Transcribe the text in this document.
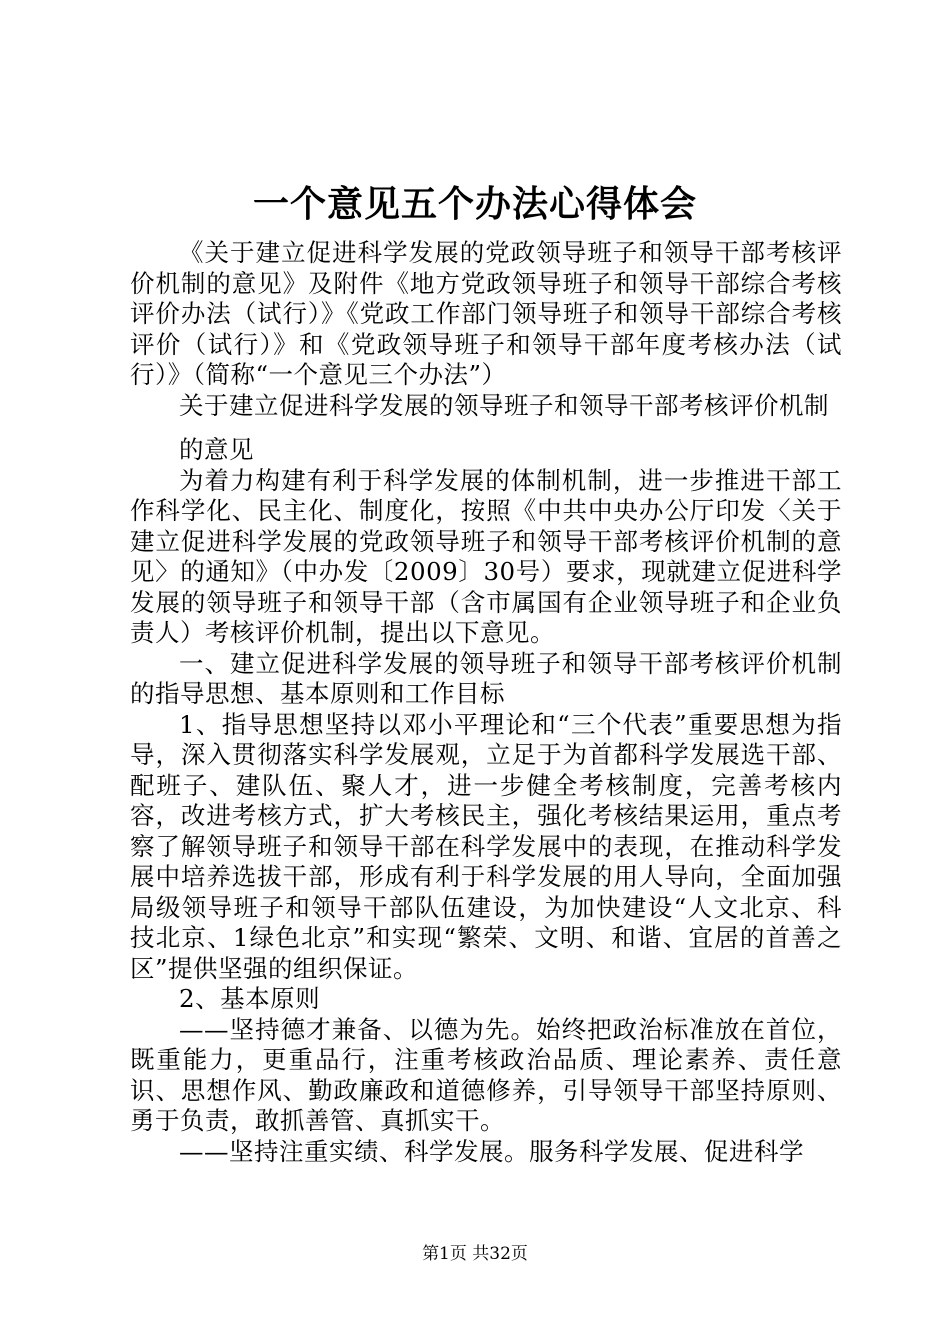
一个意见五个办法心得体会

《关于建立促进科学发展的党政领导班子和领导干部考核评价机制的意见》及附件《地方党政领导班子和领导干部综合考核评价办法（试行）》《党政工作部门领导班子和领导干部综合考核评价（试行）》和《党政领导班子和领导干部年度考核办法（试行）》（简称“一个意见三个办法”）

关于建立促进科学发展的领导班子和领导干部考核评价机制

的意见

为着力构建有利于科学发展的体制机制，进一步推进干部工作科学化、民主化、制度化，按照《中共中央办公厅印发〈关于建立促进科学发展的党政领导班子和领导干部考核评价机制的意见〉的通知》（中办发〔2009〕30号）要求，现就建立促进科学发展的领导班子和领导干部（含市属国有企业领导班子和企业负责人）考核评价机制，提出以下意见。

一、建立促进科学发展的领导班子和领导干部考核评价机制的指导思想、基本原则和工作目标

1、指导思想坚持以邓小平理论和“三个代表”重要思想为指导，深入贯彻落实科学发展观，立足于为首都科学发展选干部、配班子、建队伍、聚人才，进一步健全考核制度，完善考核内容，改进考核方式，扩大考核民主，强化考核结果运用，重点考察了解领导班子和领导干部在科学发展中的表现，在推动科学发展中培养选拔干部，形成有利于科学发展的用人导向，全面加强局级领导班子和领导干部队伍建设，为加快建设“人文北京、科技北京、1绿色北京”和实现“繁荣、文明、和谐、宜居的首善之区”提供坚强的组织保证。

2、基本原则

——坚持德才兼备、以德为先。始终把政治标准放在首位，既重能力，更重品行，注重考核政治品质、理论素养、责任意识、思想作风、勤政廉政和道德修养，引导领导干部坚持原则、勇于负责，敢抓善管、真抓实干。

——坚持注重实绩、科学发展。服务科学发展、促进科学

第1页 共32页
